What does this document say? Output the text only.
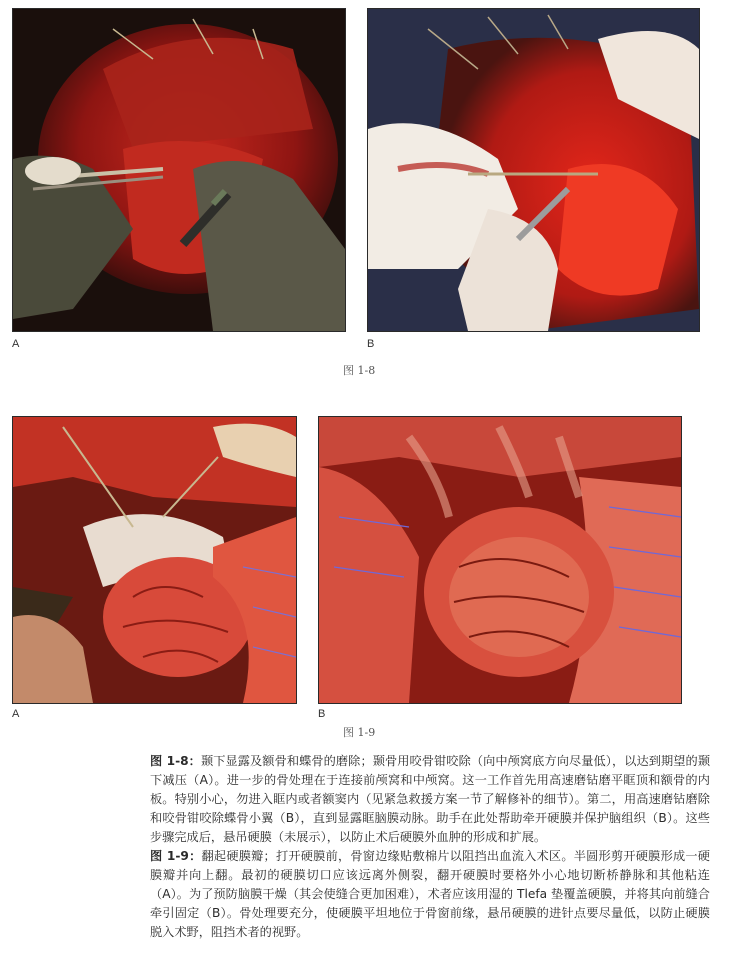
A	B
图 1-8
A	B
图 1-9

图 1-8：颞下显露及额骨和蝶骨的磨除；颞骨用咬骨钳咬除（向中颅窝底方向尽量低），以达到期望的颞下减压（A）。进一步的骨处理在于连接前颅窝和中颅窝。这一工作首先用高速磨钻磨平眶顶和额骨的内板。特别小心，勿进入眶内或者额窦内（见紧急救援方案一节了解修补的细节）。第二，用高速磨钻磨除和咬骨钳咬除蝶骨小翼（B），直到显露眶脑膜动脉。助手在此处帮助牵开硬膜并保护脑组织（B）。这些步骤完成后，悬吊硬膜（未展示），以防止术后硬膜外血肿的形成和扩展。

图 1-9：翻起硬膜瓣；打开硬膜前，骨窗边缘贴敷棉片以阻挡出血流入术区。半圆形剪开硬膜形成一硬膜瓣并向上翻。最初的硬膜切口应该远离外侧裂，翻开硬膜时要格外小心地切断桥静脉和其他粘连（A）。为了预防脑膜干燥（其会使缝合更加困难），术者应该用湿的 Tlefa 垫覆盖硬膜，并将其向前缝合牵引固定（B）。骨处理要充分，使硬膜平坦地位于骨窗前缘，悬吊硬膜的进针点要尽量低，以防止硬膜脱入术野，阻挡术者的视野。
